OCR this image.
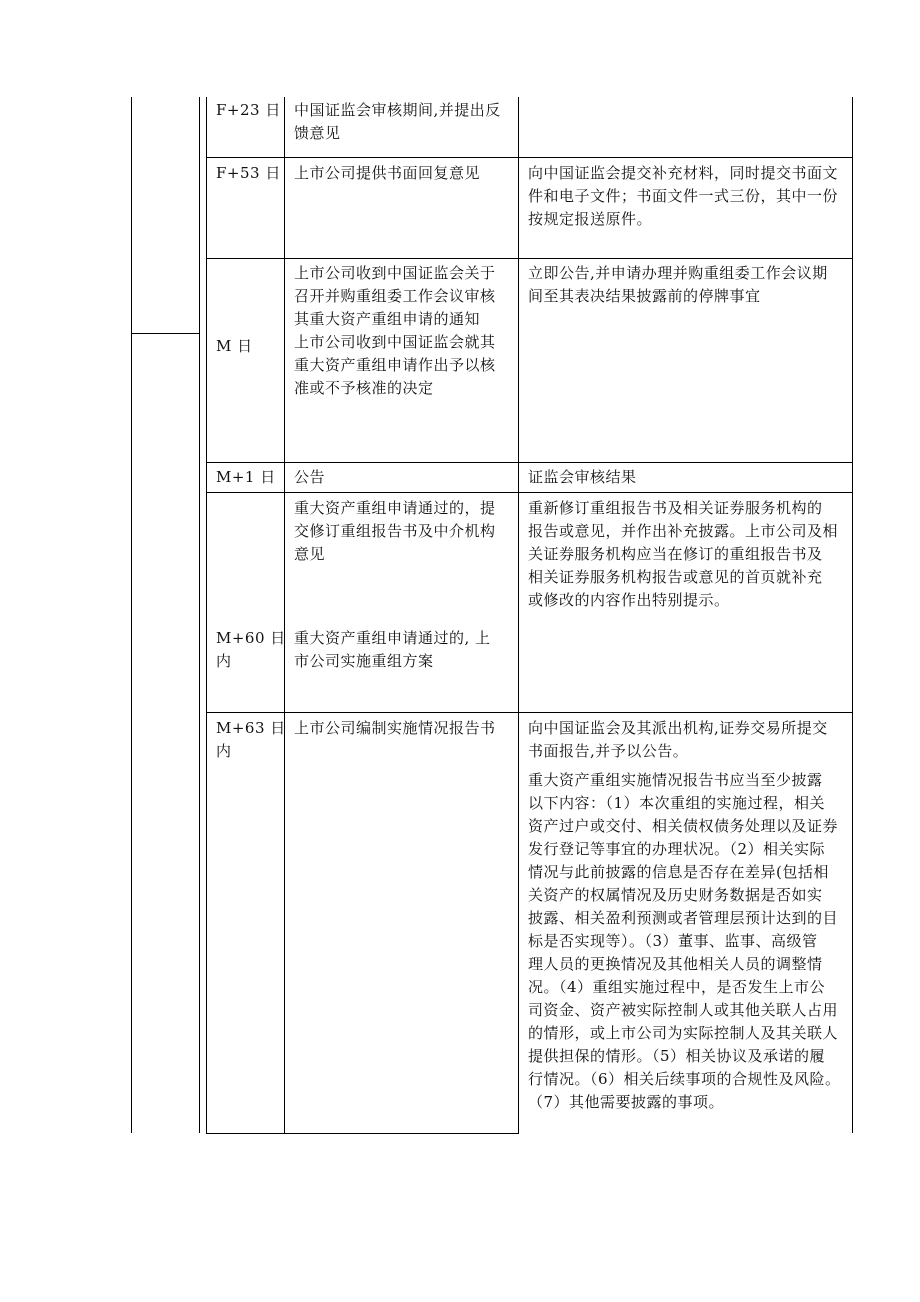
F+23 日 中国证监会审核期间,并提出反
馈意见
F+53 日 上市公司提供书面回复意见	向中国证监会提交补充材料，同时提交书面文
件和电子文件；书面文件一式三份，其中一份
按规定报送原件。
M 日
上市公司收到中国证监会关于
召开并购重组委工作会议审核
其重大资产重组申请的通知
上市公司收到中国证监会就其
重大资产重组申请作出予以核
准或不予核准的决定
立即公告,并申请办理并购重组委工作会议期
间至其表决结果披露前的停牌事宜
M+1 日 公告	证监会审核结果
M+60 日
内
重大资产重组申请通过的，提
交修订重组报告书及中介机构
意见
重大资产重组申请通过的, 上
市公司实施重组方案
重新修订重组报告书及相关证券服务机构的
报告或意见，并作出补充披露。上市公司及相
关证券服务机构应当在修订的重组报告书及
相关证券服务机构报告或意见的首页就补充
或修改的内容作出特别提示。
M+63 日
内
上市公司编制实施情况报告书 向中国证监会及其派出机构,证券交易所提交
书面报告,并予以公告。
重大资产重组实施情况报告书应当至少披露
以下内容：（1）本次重组的实施过程，相关
资产过户或交付、相关债权债务处理以及证券
发行登记等事宜的办理状况。（2）相关实际
情况与此前披露的信息是否存在差异(包括相
关资产的权属情况及历史财务数据是否如实
披露、相关盈利预测或者管理层预计达到的目
标是否实现等）。（3）董事、监事、高级管
理人员的更换情况及其他相关人员的调整情
况。（4）重组实施过程中，是否发生上市公
司资金、资产被实际控制人或其他关联人占用
的情形，或上市公司为实际控制人及其关联人
提供担保的情形。（5）相关协议及承诺的履
行情况。（6）相关后续事项的合规性及风险。
（7）其他需要披露的事项。
